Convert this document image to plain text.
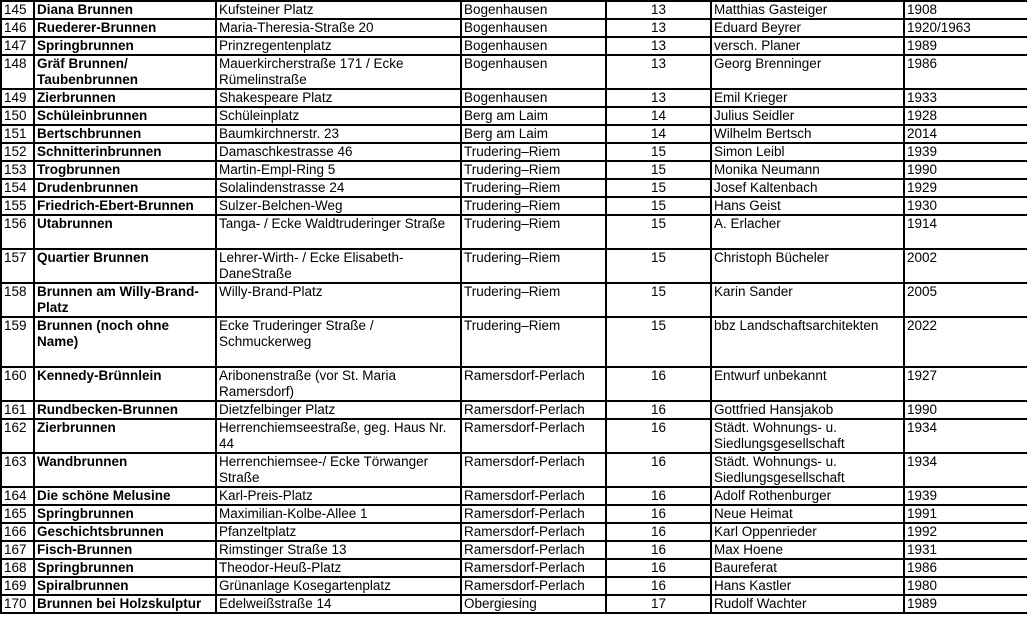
145	Diana Brunnen	Kufsteiner Platz	Bogenhausen	13	Matthias Gasteiger	1908
146	Ruederer-Brunnen	Maria-Theresia-Straße 20	Bogenhausen	13	Eduard Beyrer	1920/1963
147	Springbrunnen	Prinzregentenplatz	Bogenhausen	13	versch. Planer	1989
148	Gräf Brunnen/ Taubenbrunnen	Mauerkircherstraße 171 / Ecke Rümelinstraße	Bogenhausen	13	Georg Brenninger	1986
149	Zierbrunnen	Shakespeare Platz	Bogenhausen	13	Emil Krieger	1933
150	Schüleinbrunnen	Schüleinplatz	Berg am Laim	14	Julius Seidler	1928
151	Bertschbrunnen	Baumkirchnerstr. 23	Berg am Laim	14	Wilhelm Bertsch	2014
152	Schnitterinbrunnen	Damaschkestrasse 46	Trudering–Riem	15	Simon Leibl	1939
153	Trogbrunnen	Martin-Empl-Ring 5	Trudering–Riem	15	Monika Neumann	1990
154	Drudenbrunnen	Solalindenstrasse 24	Trudering–Riem	15	Josef Kaltenbach	1929
155	Friedrich-Ebert-Brunnen	Sulzer-Belchen-Weg	Trudering–Riem	15	Hans Geist	1930
156	Utabrunnen	Tanga- / Ecke Waldtruderinger Straße	Trudering–Riem	15	A. Erlacher	1914
157	Quartier Brunnen	Lehrer-Wirth- / Ecke Elisabeth-DaneStraße	Trudering–Riem	15	Christoph Bücheler	2002
158	Brunnen am Willy-Brand-Platz	Willy-Brand-Platz	Trudering–Riem	15	Karin Sander	2005
159	Brunnen (noch ohne Name)	Ecke Truderinger Straße / Schmuckerweg	Trudering–Riem	15	bbz Landschaftsarchitekten	2022
160	Kennedy-Brünnlein	Aribonenstraße (vor St. Maria Ramersdorf)	Ramersdorf-Perlach	16	Entwurf unbekannt	1927
161	Rundbecken-Brunnen	Dietzfelbinger Platz	Ramersdorf-Perlach	16	Gottfried Hansjakob	1990
162	Zierbrunnen	Herrenchiemseestraße, geg. Haus Nr. 44	Ramersdorf-Perlach	16	Städt. Wohnungs- u. Siedlungsgesellschaft	1934
163	Wandbrunnen	Herrenchiemsee-/ Ecke Törwanger Straße	Ramersdorf-Perlach	16	Städt. Wohnungs- u. Siedlungsgesellschaft	1934
164	Die schöne Melusine	Karl-Preis-Platz	Ramersdorf-Perlach	16	Adolf Rothenburger	1939
165	Springbrunnen	Maximilian-Kolbe-Allee 1	Ramersdorf-Perlach	16	Neue Heimat	1991
166	Geschichtsbrunnen	Pfanzeltplatz	Ramersdorf-Perlach	16	Karl Oppenrieder	1992
167	Fisch-Brunnen	Rimstinger Straße 13	Ramersdorf-Perlach	16	Max Hoene	1931
168	Springbrunnen	Theodor-Heuß-Platz	Ramersdorf-Perlach	16	Baureferat	1986
169	Spiralbrunnen	Grünanlage Kosegartenplatz	Ramersdorf-Perlach	16	Hans Kastler	1980
170	Brunnen bei Holzskulptur	Edelweißstraße 14	Obergiesing	17	Rudolf Wachter	1989
